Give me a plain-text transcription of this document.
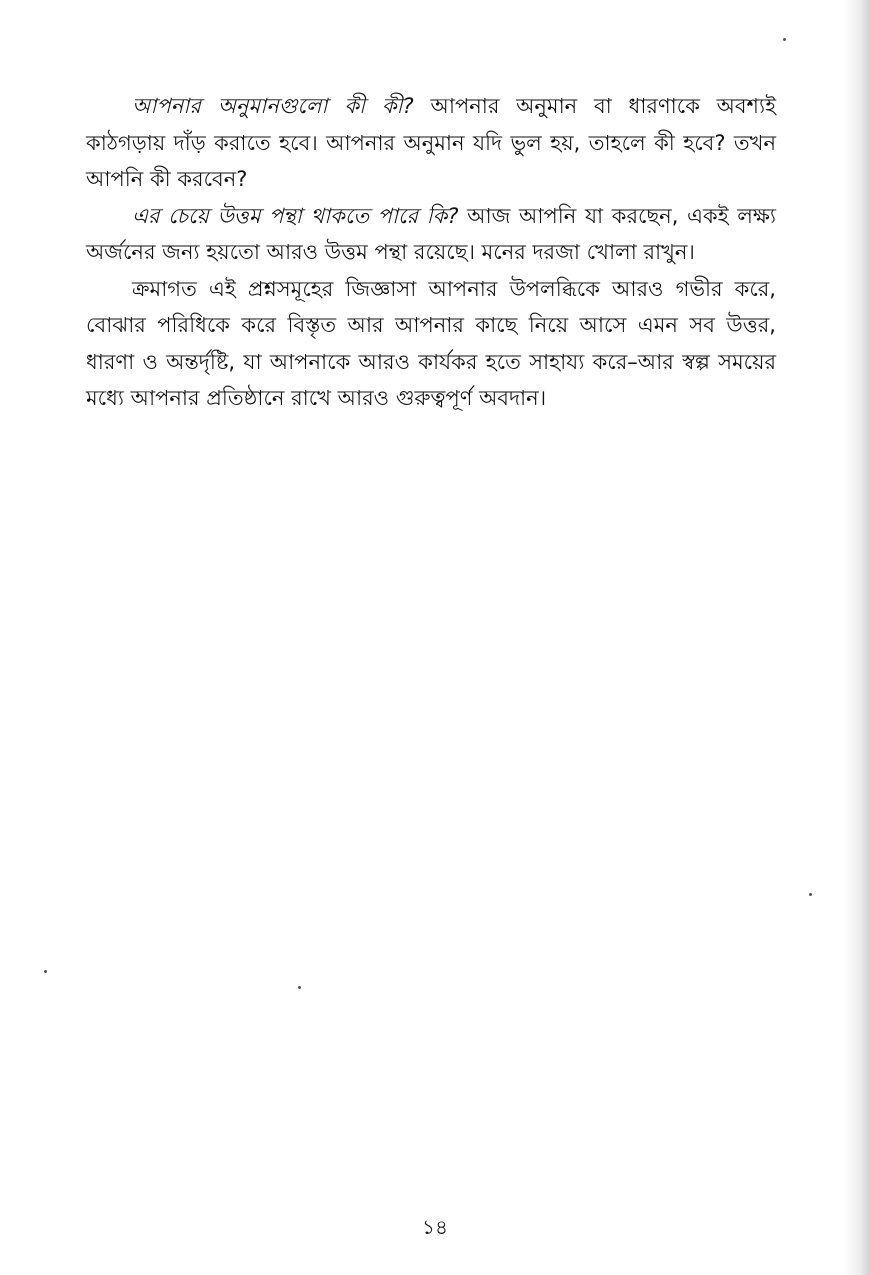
আপনার অনুমানগুলো কী কী? আপনার অনুমান বা ধারণাকে অবশ্যই কাঠগড়ায় দাঁড় করাতে হবে। আপনার অনুমান যদি ভুল হয়, তাহলে কী হবে? তখন আপনি কী করবেন?

এর চেয়ে উত্তম পন্থা থাকতে পারে কি? আজ আপনি যা করছেন, একই লক্ষ্য অর্জনের জন্য হয়তো আরও উত্তম পন্থা রয়েছে। মনের দরজা খোলা রাখুন।

ক্রমাগত এই প্রশ্নসমূহের জিজ্ঞাসা আপনার উপলব্ধিকে আরও গভীর করে, বোঝার পরিধিকে করে বিস্তৃত আর আপনার কাছে নিয়ে আসে এমন সব উত্তর, ধারণা ও অন্তর্দৃষ্টি, যা আপনাকে আরও কার্যকর হতে সাহায্য করে–আর স্বল্প সময়ের মধ্যে আপনার প্রতিষ্ঠানে রাখে আরও গুরুত্বপূর্ণ অবদান।

১৪
